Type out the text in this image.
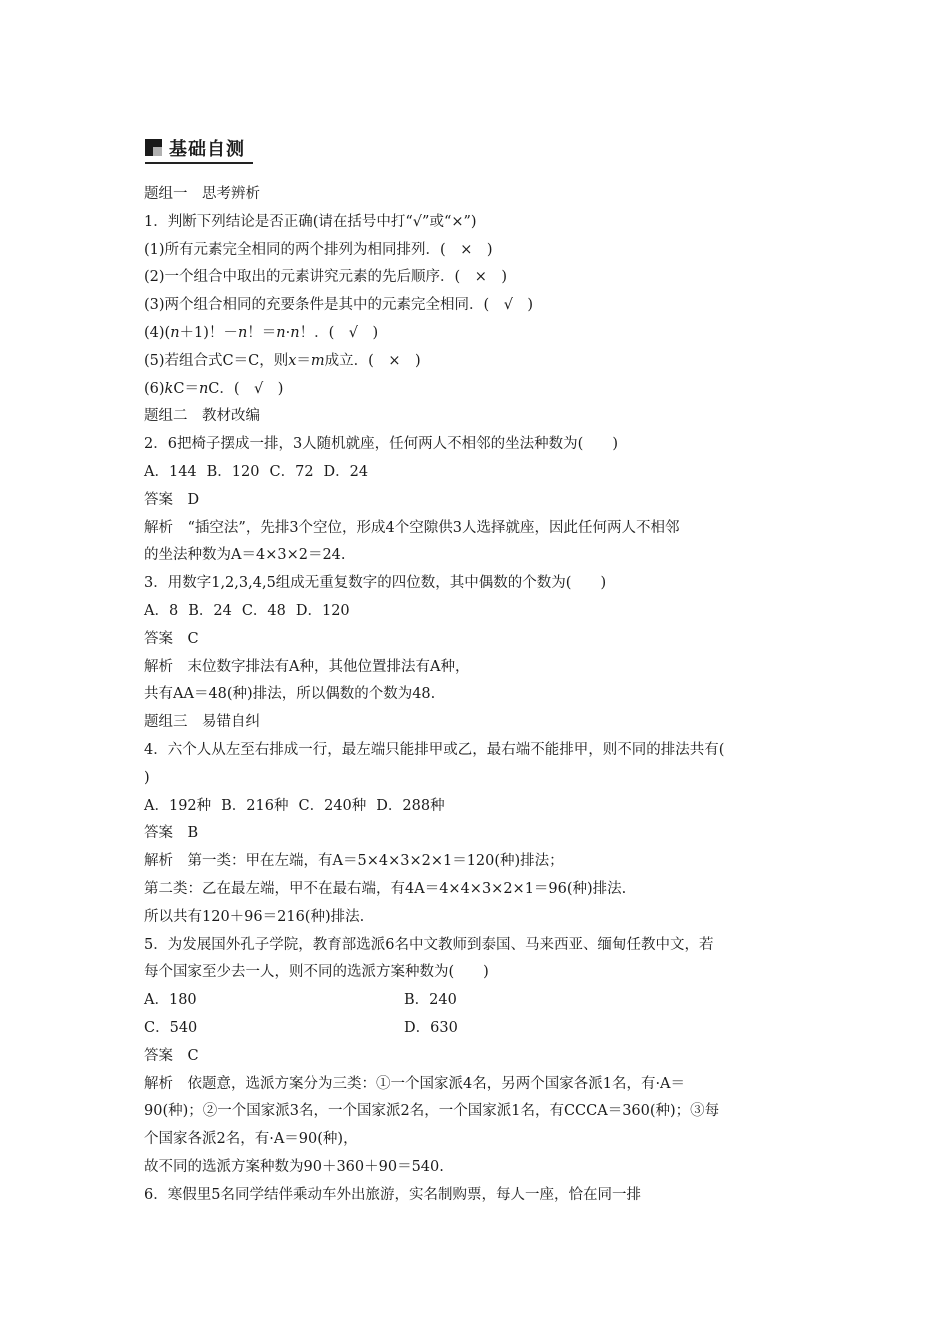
基础自测
题组一　思考辨析
1．判断下列结论是否正确(请在括号中打“√”或“×”)
(1)所有元素完全相同的两个排列为相同排列．(　×　)
(2)一个组合中取出的元素讲究元素的先后顺序．(　×　)
(3)两个组合相同的充要条件是其中的元素完全相同．(　√　)
(4)(n＋1)！－n！＝n·n！．(　√　)
(5)若组合式C＝C，则x＝m成立．(　×　)
(6)kC＝nC．(　√　)
题组二　教材改编
2．6把椅子摆成一排，3人随机就座，任何两人不相邻的坐法种数为(　　)
A．144 B．120 C．72 D．24
答案　D
解析　“插空法”，先排3个空位，形成4个空隙供3人选择就座，因此任何两人不相邻
的坐法种数为A＝4×3×2＝24.
3．用数字1,2,3,4,5组成无重复数字的四位数，其中偶数的个数为(　　)
A．8 B．24 C．48 D．120
答案　C
解析　末位数字排法有A种，其他位置排法有A种，
共有AA＝48(种)排法，所以偶数的个数为48.
题组三　易错自纠
4．六个人从左至右排成一行，最左端只能排甲或乙，最右端不能排甲，则不同的排法共有(
)
A．192种 B．216种 C．240种 D．288种
答案　B
解析　第一类：甲在左端，有A＝5×4×3×2×1＝120(种)排法；
第二类：乙在最左端，甲不在最右端，有4A＝4×4×3×2×1＝96(种)排法.
所以共有120＋96＝216(种)排法.
5．为发展国外孔子学院，教育部选派6名中文教师到泰国、马来西亚、缅甸任教中文，若
每个国家至少去一人，则不同的选派方案种数为(　　)
A．180	B．240
C．540	D．630
答案　C
解析　依题意，选派方案分为三类：①一个国家派4名，另两个国家各派1名，有·A＝
90(种)；②一个国家派3名，一个国家派2名，一个国家派1名，有CCCA＝360(种)；③每
个国家各派2名，有·A＝90(种)，
故不同的选派方案种数为90＋360＋90＝540.
6．寒假里5名同学结伴乘动车外出旅游，实名制购票，每人一座，恰在同一排
